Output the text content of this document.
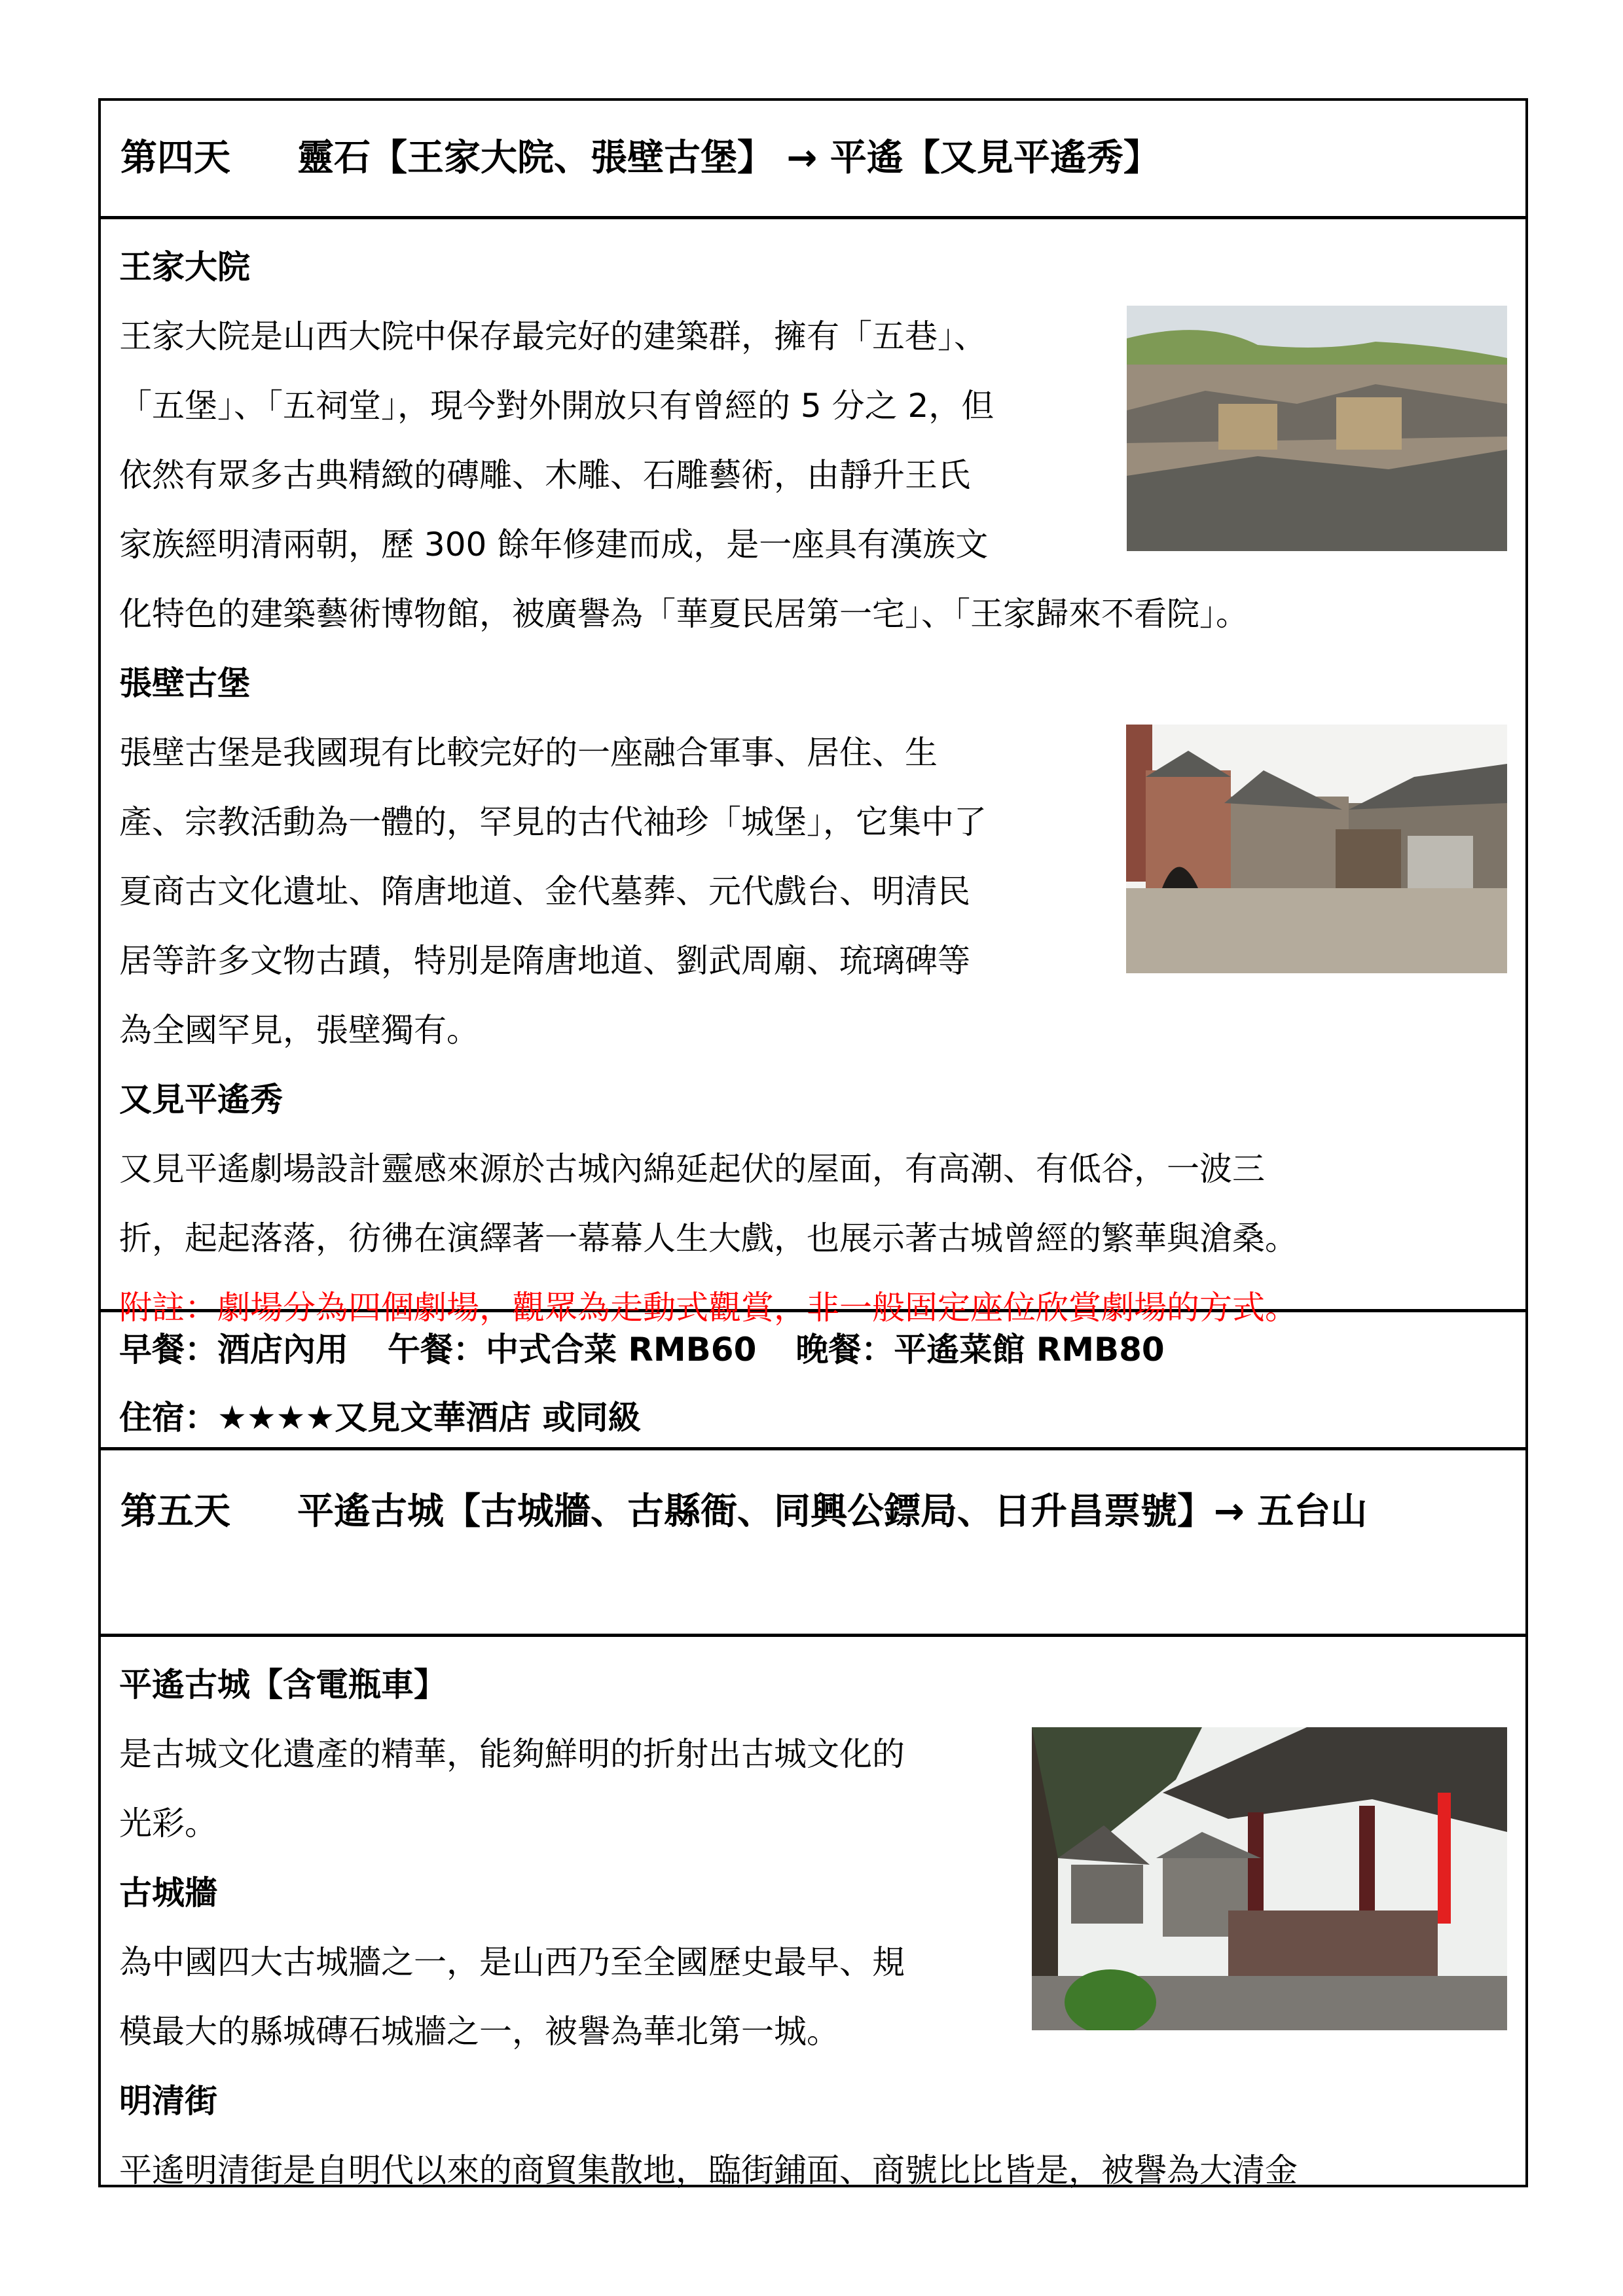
第四天	靈石【王家大院、張壁古堡】 → 平遙【又見平遙秀】

王家大院

王家大院是山西大院中保存最完好的建築群，擁有「五巷」、

「五堡」、「五祠堂」，現今對外開放只有曾經的 5 分之 2，但

依然有眾多古典精緻的磚雕、木雕、石雕藝術，由靜升王氏

家族經明清兩朝，歷 300 餘年修建而成，是一座具有漢族文

化特色的建築藝術博物館，被廣譽為「華夏民居第一宅」、「王家歸來不看院」。

張壁古堡

張壁古堡是我國現有比較完好的一座融合軍事、居住、生

產、宗教活動為一體的，罕見的古代袖珍「城堡」，它集中了

夏商古文化遺址、隋唐地道、金代墓葬、元代戲台、明清民

居等許多文物古蹟，特別是隋唐地道、劉武周廟、琉璃碑等

為全國罕見，張壁獨有。

又見平遙秀

又見平遙劇場設計靈感來源於古城內綿延起伏的屋面，有高潮、有低谷，一波三

折，起起落落，彷彿在演繹著一幕幕人生大戲，也展示著古城曾經的繁華與滄桑。

附註：劇場分為四個劇場，觀眾為走動式觀賞，非一般固定座位欣賞劇場的方式。

早餐：酒店內用 午餐：中式合菜 RMB60 晚餐：平遙菜館 RMB80
住宿：★★★★又見文華酒店 或同級
第五天	平遙古城【古城牆、古縣衙、同興公鏢局、日升昌票號】→ 五台山

平遙古城【含電瓶車】

是古城文化遺產的精華，能夠鮮明的折射出古城文化的

光彩。

古城牆

為中國四大古城牆之一，是山西乃至全國歷史最早、規

模最大的縣城磚石城牆之一，被譽為華北第一城。

明清街

平遙明清街是自明代以來的商貿集散地，臨街鋪面、商號比比皆是，被譽為大清金
